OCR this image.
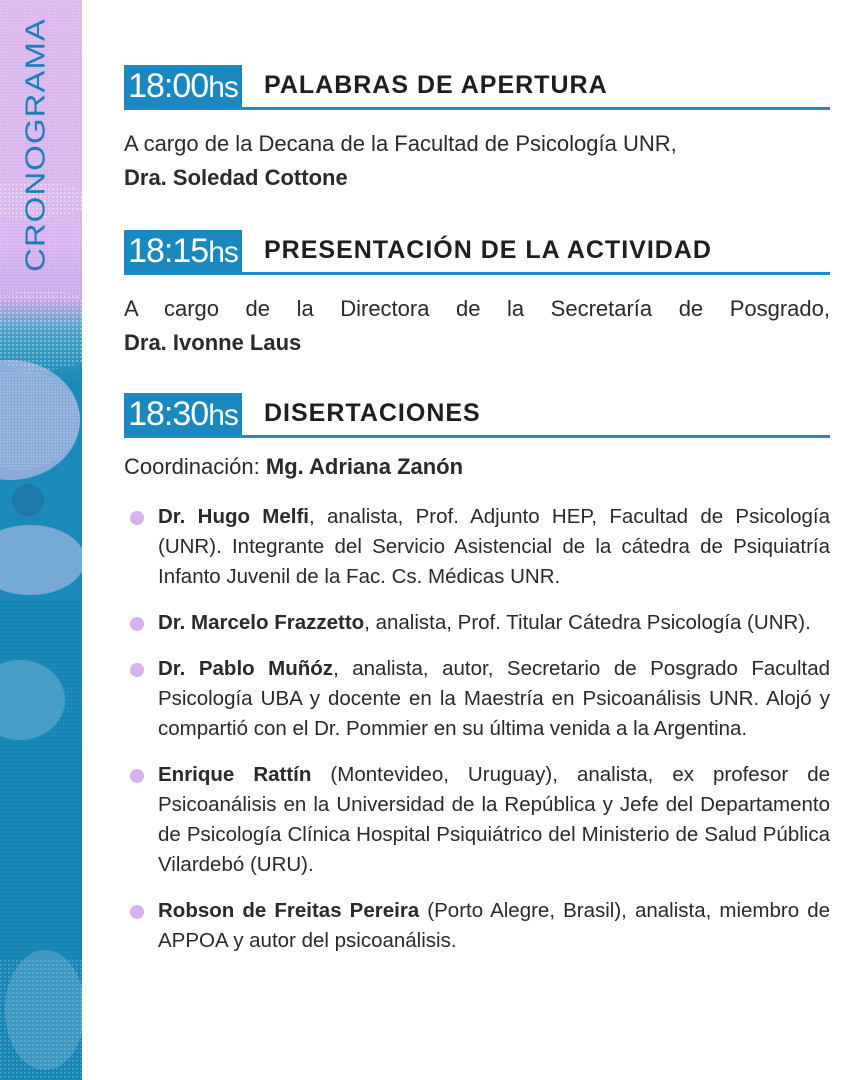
CRONOGRAMA 18:00hs PALABRAS DE APERTURA
A cargo de la Decana de la Facultad de Psicología UNR,
Dra. Soledad Cottone
18:15hs PRESENTACIÓN DE LA ACTIVIDAD
A cargo de la Directora de la Secretaría de Posgrado,
Dra. Ivonne Laus
18:30hs DISERTACIONES
Coordinación: Mg. Adriana Zanón
Dr. Hugo Melfi, analista, Prof. Adjunto HEP, Facultad de Psicología (UNR). Integrante del Servicio Asistencial de la cátedra de Psiquiatría Infanto Juvenil de la Fac. Cs. Médicas UNR.
Dr. Marcelo Frazzetto, analista, Prof. Titular Cátedra Psicología (UNR).
Dr. Pablo Muñóz, analista, autor, Secretario de Posgrado Facultad Psicología UBA y docente en la Maestría en Psicoanálisis UNR. Alojó y compartió con el Dr. Pommier en su última venida a la Argentina.
Enrique Rattín (Montevideo, Uruguay), analista, ex profesor de Psicoanálisis en la Universidad de la República y Jefe del Departamento de Psicología Clínica Hospital Psiquiátrico del Ministerio de Salud Pública Vilardebó (URU).
Robson de Freitas Pereira (Porto Alegre, Brasil), analista, miembro de APPOA y autor del psicoanálisis.
